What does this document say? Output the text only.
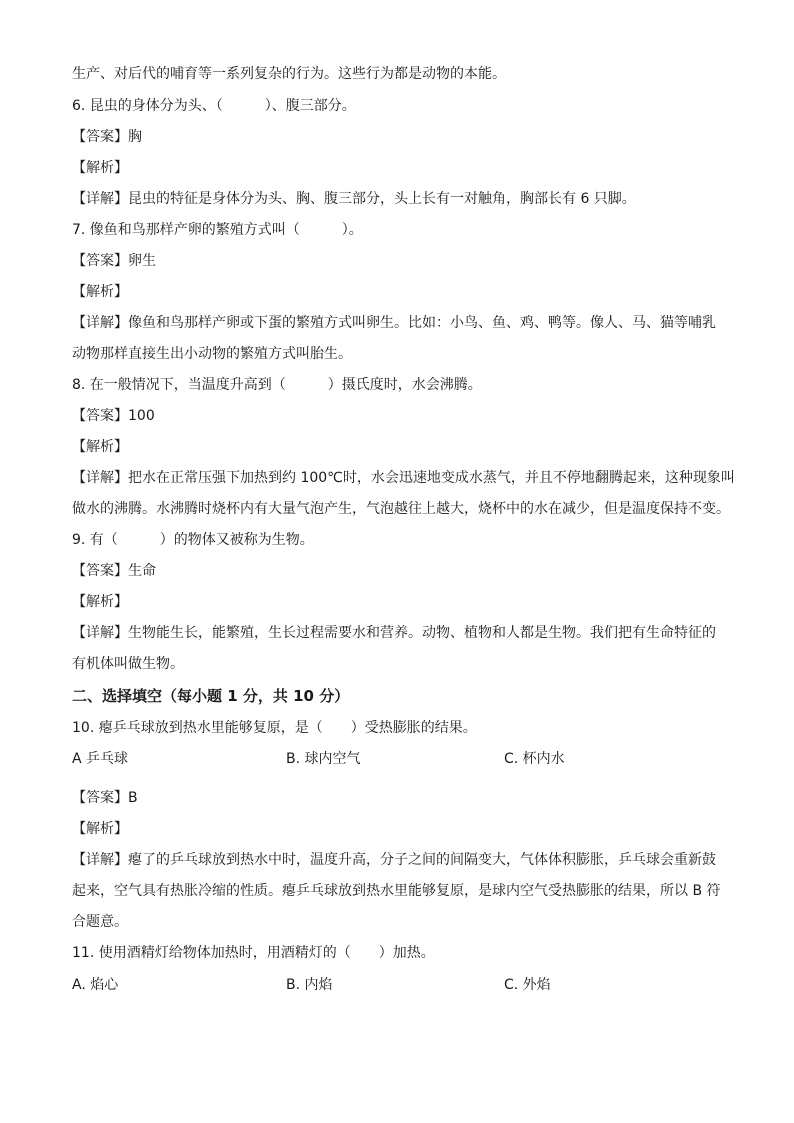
生产、对后代的哺育等一系列复杂的行为。这些行为都是动物的本能。
6. 昆虫的身体分为头、（　　　）、腹三部分。
【答案】胸
【解析】
【详解】昆虫的特征是身体分为头、胸、腹三部分，头上长有一对触角，胸部长有 6 只脚。
7. 像鱼和鸟那样产卵的繁殖方式叫（　　　）。
【答案】卵生
【解析】
【详解】像鱼和鸟那样产卵或下蛋的繁殖方式叫卵生。比如：小鸟、鱼、鸡、鸭等。像人、马、猫等哺乳
动物那样直接生出小动物的繁殖方式叫胎生。
8. 在一般情况下，当温度升高到（　　　）摄氏度时，水会沸腾。
【答案】100
【解析】
【详解】把水在正常压强下加热到约 100℃时，水会迅速地变成水蒸气，并且不停地翻腾起来，这种现象叫
做水的沸腾。水沸腾时烧杯内有大量气泡产生，气泡越往上越大，烧杯中的水在减少，但是温度保持不变。
9. 有（　　　）的物体又被称为生物。
【答案】生命
【解析】
【详解】生物能生长，能繁殖，生长过程需要水和营养。动物、植物和人都是生物。我们把有生命特征的
有机体叫做生物。
二、选择填空（每小题 1 分，共 10 分）
10. 瘪乒乓球放到热水里能够复原，是（　　）受热膨胀的结果。
A 乒乓球	B. 球内空气	C. 杯内水
【答案】B
【解析】
【详解】瘪了的乒乓球放到热水中时，温度升高，分子之间的间隔变大，气体体积膨胀，乒乓球会重新鼓
起来，空气具有热胀冷缩的性质。瘪乒乓球放到热水里能够复原，是球内空气受热膨胀的结果，所以 B 符
合题意。
11. 使用酒精灯给物体加热时，用酒精灯的（　　）加热。
A. 焰心	B. 内焰	C. 外焰
